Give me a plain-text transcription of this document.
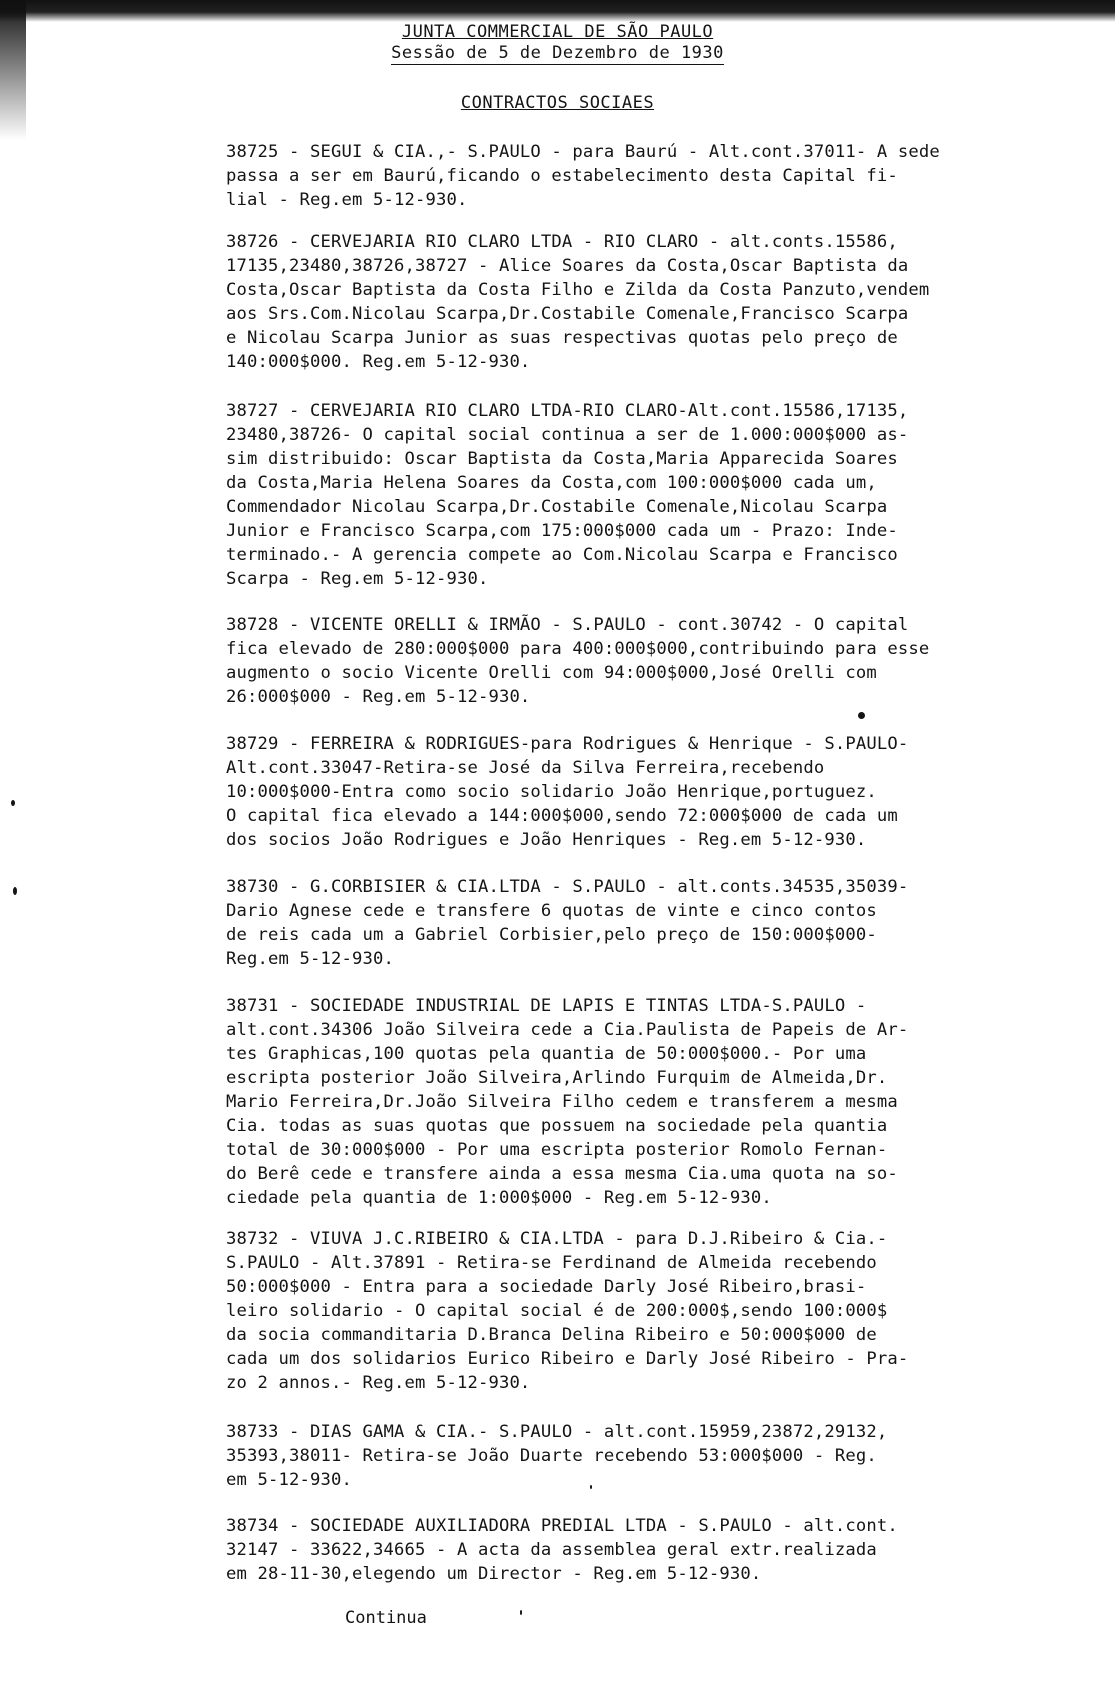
JUNTA COMMERCIAL DE SÃO PAULO
Sessão de 5 de Dezembro de 1930
CONTRACTOS SOCIAES
38725 - SEGUI & CIA.,- S.PAULO - para Baurú - Alt.cont.37011- A sede
passa a ser em Baurú,ficando o estabelecimento desta Capital fi-
lial - Reg.em 5-12-930.
38726 - CERVEJARIA RIO CLARO LTDA - RIO CLARO - alt.conts.15586,
17135,23480,38726,38727 - Alice Soares da Costa,Oscar Baptista da
Costa,Oscar Baptista da Costa Filho e Zilda da Costa Panzuto,vendem
aos Srs.Com.Nicolau Scarpa,Dr.Costabile Comenale,Francisco Scarpa
e Nicolau Scarpa Junior as suas respectivas quotas pelo preço de
140:000$000. Reg.em 5-12-930.
38727 - CERVEJARIA RIO CLARO LTDA-RIO CLARO-Alt.cont.15586,17135,
23480,38726- O capital social continua a ser de 1.000:000$000 as-
sim distribuido: Oscar Baptista da Costa,Maria Apparecida Soares
da Costa,Maria Helena Soares da Costa,com 100:000$000 cada um,
Commendador Nicolau Scarpa,Dr.Costabile Comenale,Nicolau Scarpa
Junior e Francisco Scarpa,com 175:000$000 cada um - Prazo: Inde-
terminado.- A gerencia compete ao Com.Nicolau Scarpa e Francisco
Scarpa - Reg.em 5-12-930.
38728 - VICENTE ORELLI & IRMÃO - S.PAULO - cont.30742 - O capital
fica elevado de 280:000$000 para 400:000$000,contribuindo para esse
augmento o socio Vicente Orelli com 94:000$000,José Orelli com
26:000$000 - Reg.em 5-12-930.
38729 - FERREIRA & RODRIGUES-para Rodrigues & Henrique - S.PAULO-
Alt.cont.33047-Retira-se José da Silva Ferreira,recebendo
10:000$000-Entra como socio solidario João Henrique,portuguez.
O capital fica elevado a 144:000$000,sendo 72:000$000 de cada um
dos socios João Rodrigues e João Henriques - Reg.em 5-12-930.
38730 - G.CORBISIER & CIA.LTDA - S.PAULO - alt.conts.34535,35039-
Dario Agnese cede e transfere 6 quotas de vinte e cinco contos
de reis cada um a Gabriel Corbisier,pelo preço de 150:000$000-
Reg.em 5-12-930.
38731 - SOCIEDADE INDUSTRIAL DE LAPIS E TINTAS LTDA-S.PAULO -
alt.cont.34306 João Silveira cede a Cia.Paulista de Papeis de Ar-
tes Graphicas,100 quotas pela quantia de 50:000$000.- Por uma
escripta posterior João Silveira,Arlindo Furquim de Almeida,Dr.
Mario Ferreira,Dr.João Silveira Filho cedem e transferem a mesma
Cia. todas as suas quotas que possuem na sociedade pela quantia
total de 30:000$000 - Por uma escripta posterior Romolo Fernan-
do Berê cede e transfere ainda a essa mesma Cia.uma quota na so-
ciedade pela quantia de 1:000$000 - Reg.em 5-12-930.
38732 - VIUVA J.C.RIBEIRO & CIA.LTDA - para D.J.Ribeiro & Cia.-
S.PAULO - Alt.37891 - Retira-se Ferdinand de Almeida recebendo
50:000$000 - Entra para a sociedade Darly José Ribeiro,brasi-
leiro solidario - O capital social é de 200:000$,sendo 100:000$
da socia commanditaria D.Branca Delina Ribeiro e 50:000$000 de
cada um dos solidarios Eurico Ribeiro e Darly José Ribeiro - Pra-
zo 2 annos.- Reg.em 5-12-930.
38733 - DIAS GAMA & CIA.- S.PAULO - alt.cont.15959,23872,29132,
35393,38011- Retira-se João Duarte recebendo 53:000$000 - Reg.
em 5-12-930.
38734 - SOCIEDADE AUXILIADORA PREDIAL LTDA - S.PAULO - alt.cont.
32147 - 33622,34665 - A acta da assemblea geral extr.realizada
em 28-11-30,elegendo um Director - Reg.em 5-12-930.
Continua
